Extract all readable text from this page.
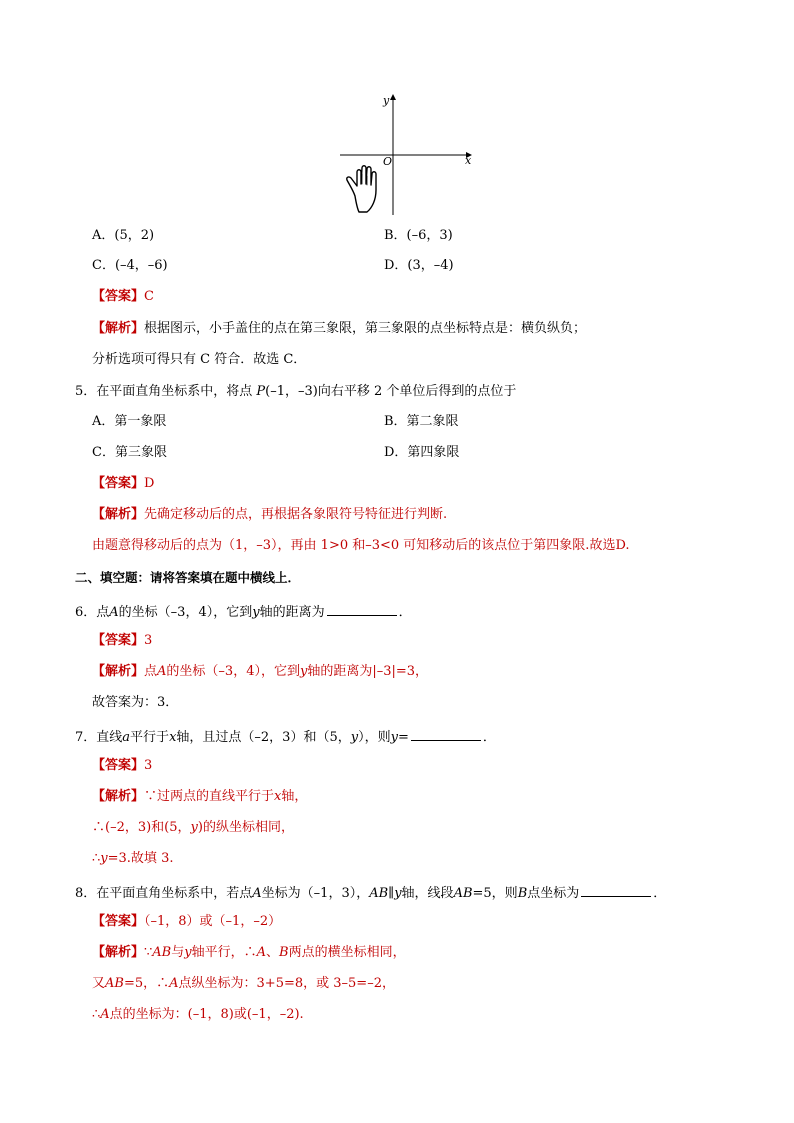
x
y
O
A．(5，2)	B．(–6，3)
C．(–4，–6)	D．(3，–4)
【答案】C
【解析】根据图示，小手盖住的点在第三象限，第三象限的点坐标特点是：横负纵负；
分析选项可得只有 C 符合．故选 C．
5．在平面直角坐标系中，将点 P(–1，–3)向右平移 2 个单位后得到的点位于
A．第一象限	B．第二象限
C．第三象限	D．第四象限
【答案】D
【解析】先确定移动后的点，再根据各象限符号特征进行判断.
由题意得移动后的点为（1，–3），再由 1>0 和–3<0 可知移动后的该点位于第四象限.故选D.
二、填空题：请将答案填在题中横线上．
6．点A的坐标（–3，4），它到y轴的距离为	．
【答案】3
【解析】点A的坐标（–3，4），它到y轴的距离为|–3|=3，
故答案为：3．
7．直线a平行于x轴，且过点（–2，3）和（5，y），则y=	．
【答案】3
【解析】∵过两点的直线平行于x轴，
∴(–2，3)和(5，y)的纵坐标相同，
∴y=3.故填 3.
8．在平面直角坐标系中，若点A坐标为（–1，3），AB∥y轴，线段AB=5，则B点坐标为	．
【答案】（–1，8）或（–1，–2）
【解析】∵AB与y轴平行，∴A、B两点的横坐标相同，
又AB=5，∴A点纵坐标为：3+5=8，或 3–5=–2，
∴A点的坐标为：(–1，8)或(–1，–2).
